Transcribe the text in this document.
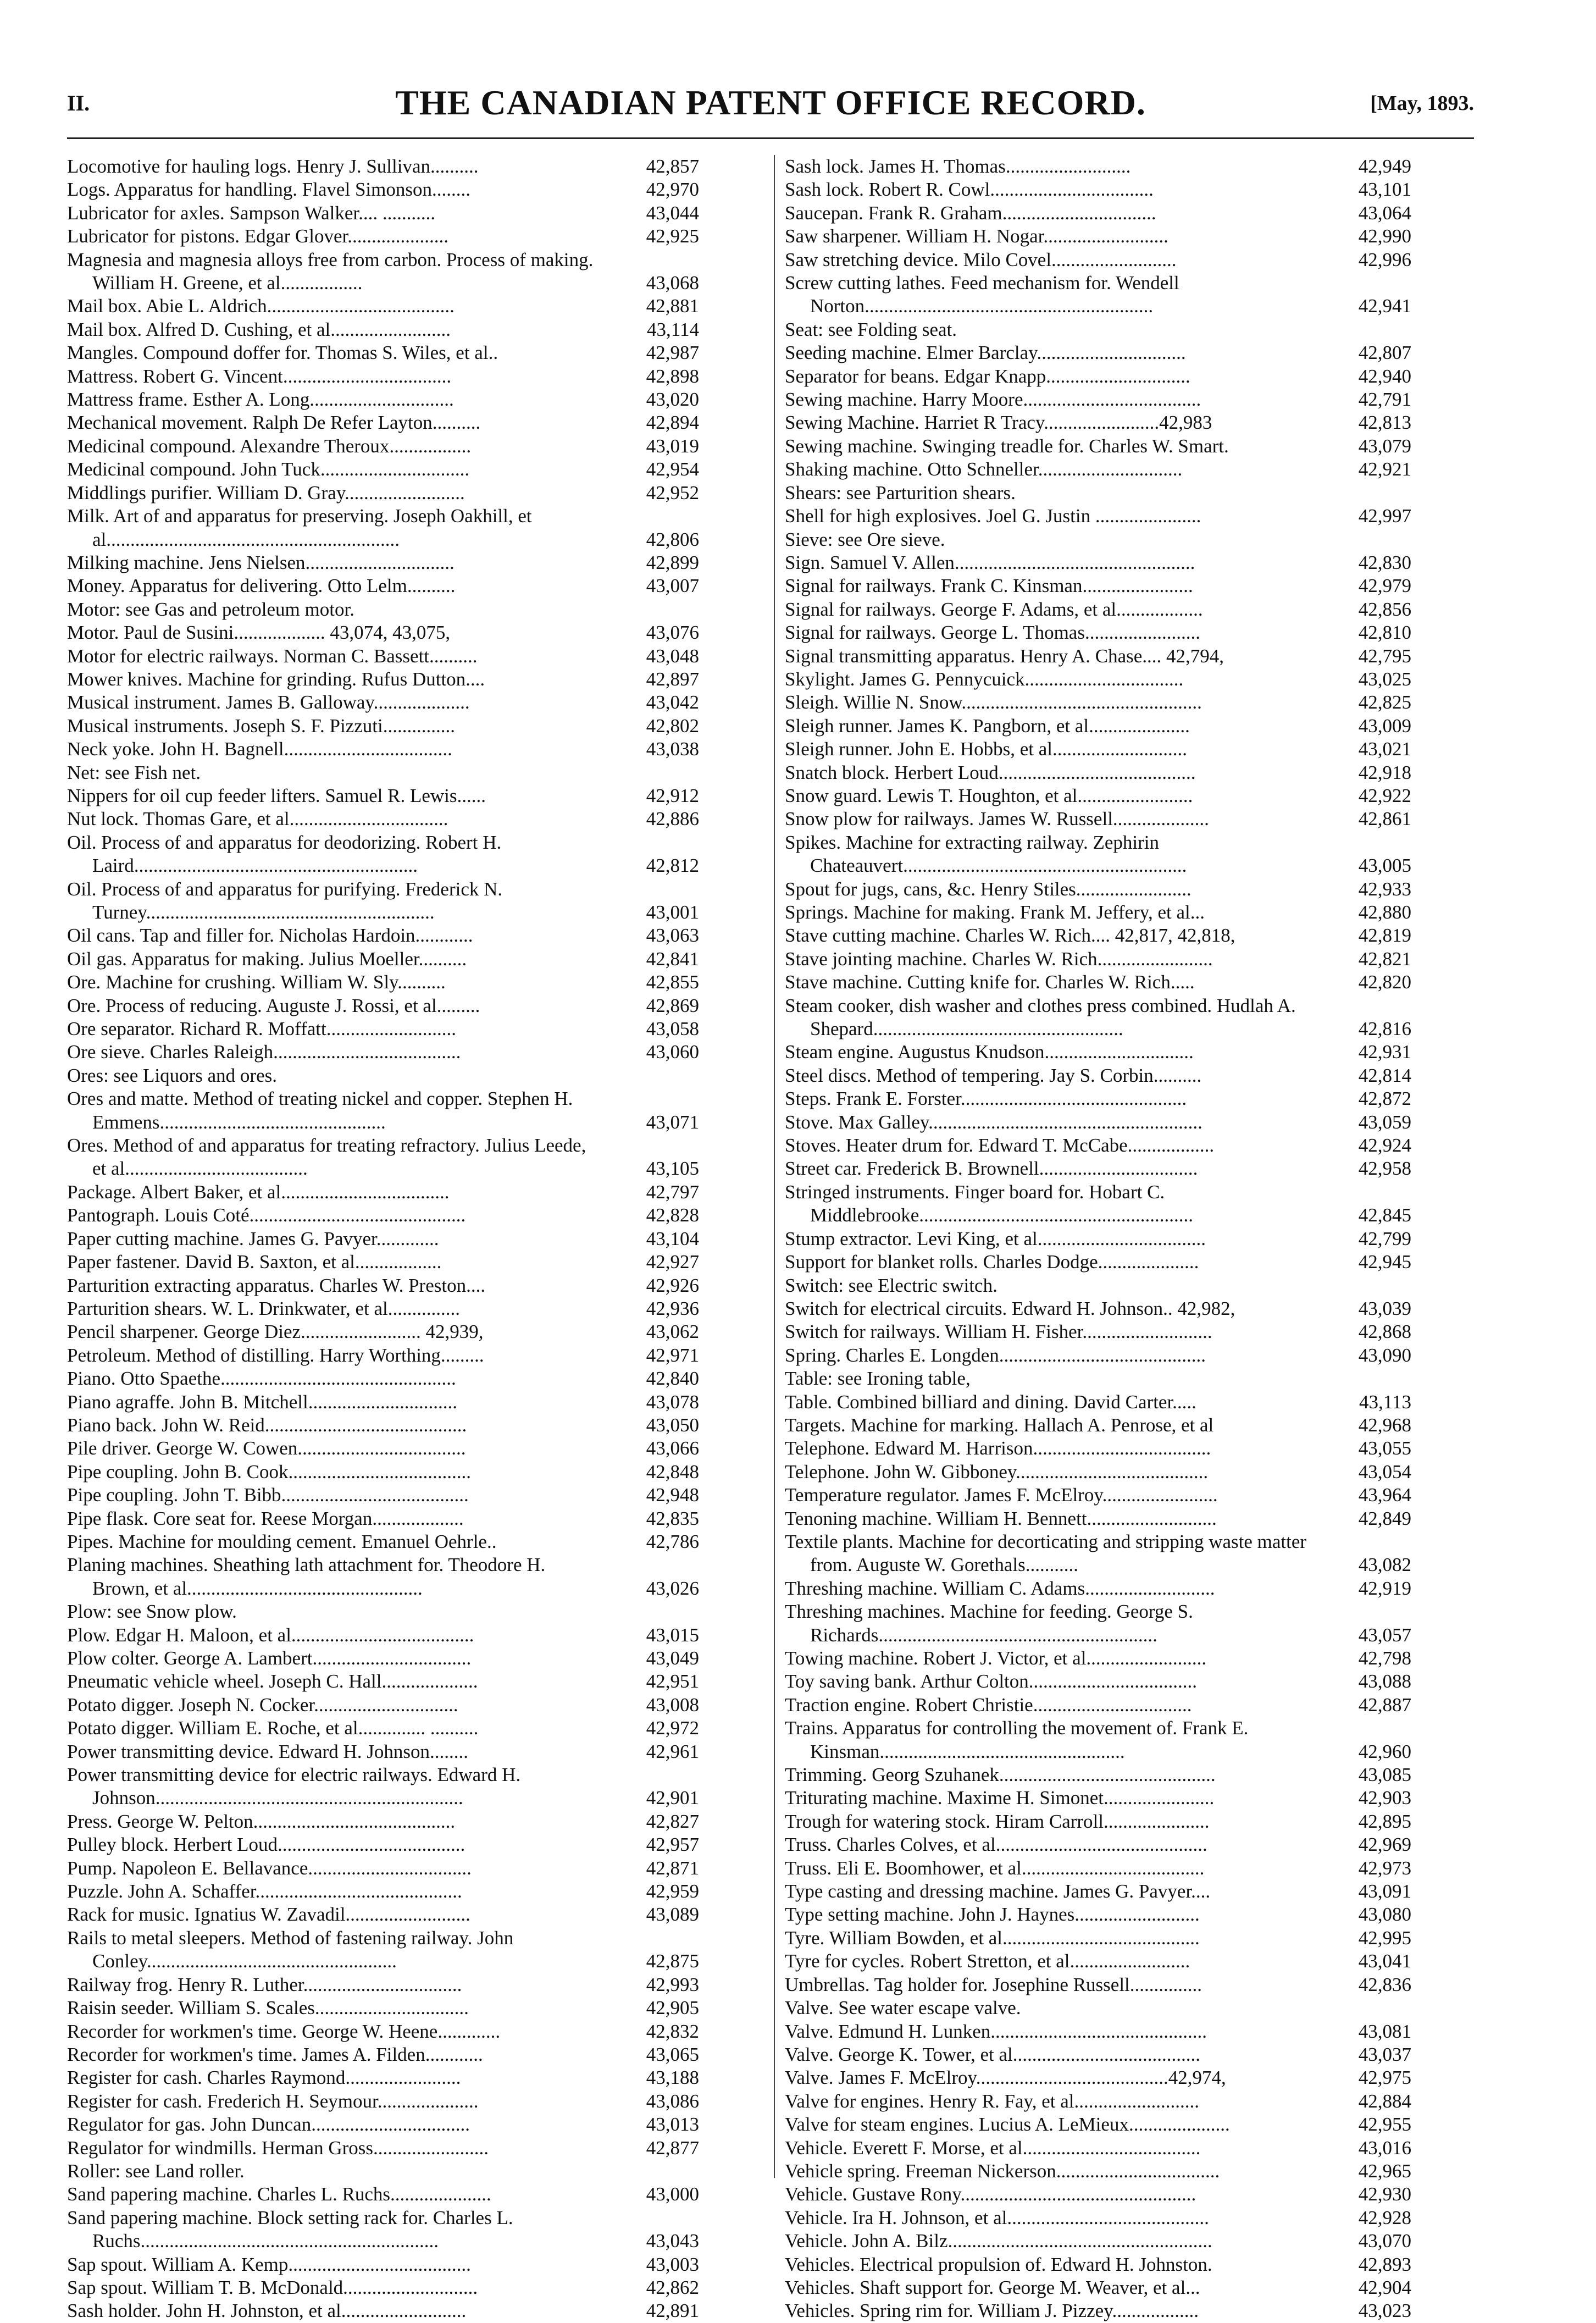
II.	THE CANADIAN PATENT OFFICE RECORD.	[May, 1893.
Locomotive for hauling logs. Henry J. Sullivan..........	42,857
Logs. Apparatus for handling. Flavel Simonson........	42,970
Lubricator for axles. Sampson Walker.... ...........	43,044
Lubricator for pistons. Edgar Glover.....................	42,925
Magnesia and magnesia alloys free from carbon. Process of making. William H. Greene, et al.................	43,068
Mail box. Abie L. Aldrich.......................................	42,881
Mail box. Alfred D. Cushing, et al.........................	43,114
Mangles. Compound doffer for. Thomas S. Wiles, et al..	42,987
Mattress. Robert G. Vincent...................................	42,898
Mattress frame. Esther A. Long..............................	43,020
Mechanical movement. Ralph De Refer Layton..........	42,894
Medicinal compound. Alexandre Theroux.................	43,019
Medicinal compound. John Tuck...............................	42,954
Middlings purifier. William D. Gray.........................	42,952
Milk. Art of and apparatus for preserving. Joseph Oakhill, et al.............................................................	42,806
Milking machine. Jens Nielsen...............................	42,899
Money. Apparatus for delivering. Otto Lelm..........	43,007
Motor: see Gas and petroleum motor.
Motor. Paul de Susini................... 43,074, 43,075,	43,076
Motor for electric railways. Norman C. Bassett..........	43,048
Mower knives. Machine for grinding. Rufus Dutton....	42,897
Musical instrument. James B. Galloway....................	43,042
Musical instruments. Joseph S. F. Pizzuti...............	42,802
Neck yoke. John H. Bagnell...................................	43,038
Net: see Fish net.
Nippers for oil cup feeder lifters. Samuel R. Lewis......	42,912
Nut lock. Thomas Gare, et al.................................	42,886
Oil. Process of and apparatus for deodorizing. Robert H. Laird...........................................................	42,812
Oil. Process of and apparatus for purifying. Frederick N. Turney............................................................	43,001
Oil cans. Tap and filler for. Nicholas Hardoin............	43,063
Oil gas. Apparatus for making. Julius Moeller..........	42,841
Ore. Machine for crushing. William W. Sly..........	42,855
Ore. Process of reducing. Auguste J. Rossi, et al.........	42,869
Ore separator. Richard R. Moffatt...........................	43,058
Ore sieve. Charles Raleigh.......................................	43,060
Ores: see Liquors and ores.
Ores and matte. Method of treating nickel and copper. Stephen H. Emmens...............................................	43,071
Ores. Method of and apparatus for treating refractory. Julius Leede, et al......................................	43,105
Package. Albert Baker, et al...................................	42,797
Pantograph. Louis Coté.............................................	42,828
Paper cutting machine. James G. Pavyer.............	43,104
Paper fastener. David B. Saxton, et al..................	42,927
Parturition extracting apparatus. Charles W. Preston....	42,926
Parturition shears. W. L. Drinkwater, et al...............	42,936
Pencil sharpener. George Diez......................... 42,939,	43,062
Petroleum. Method of distilling. Harry Worthing.........	42,971
Piano. Otto Spaethe.................................................	42,840
Piano agraffe. John B. Mitchell...............................	43,078
Piano back. John W. Reid..........................................	43,050
Pile driver. George W. Cowen...................................	43,066
Pipe coupling. John B. Cook......................................	42,848
Pipe coupling. John T. Bibb.......................................	42,948
Pipe flask. Core seat for. Reese Morgan...................	42,835
Pipes. Machine for moulding cement. Emanuel Oehrle..	42,786
Planing machines. Sheathing lath attachment for. Theodore H. Brown, et al.................................................	43,026
Plow: see Snow plow.
Plow. Edgar H. Maloon, et al......................................	43,015
Plow colter. George A. Lambert.................................	43,049
Pneumatic vehicle wheel. Joseph C. Hall....................	42,951
Potato digger. Joseph N. Cocker..............................	43,008
Potato digger. William E. Roche, et al.............. ..........	42,972
Power transmitting device. Edward H. Johnson........	42,961
Power transmitting device for electric railways. Edward H. Johnson................................................................	42,901
Press. George W. Pelton..........................................	42,827
Pulley block. Herbert Loud.......................................	42,957
Pump. Napoleon E. Bellavance..................................	42,871
Puzzle. John A. Schaffer...........................................	42,959
Rack for music. Ignatius W. Zavadil..........................	43,089
Rails to metal sleepers. Method of fastening railway. John Conley....................................................	42,875
Railway frog. Henry R. Luther.................................	42,993
Raisin seeder. William S. Scales................................	42,905
Recorder for workmen's time. George W. Heene.............	42,832
Recorder for workmen's time. James A. Filden............	43,065
Register for cash. Charles Raymond........................	43,188
Register for cash. Frederich H. Seymour.....................	43,086
Regulator for gas. John Duncan.................................	43,013
Regulator for windmills. Herman Gross........................	42,877
Roller: see Land roller.
Sand papering machine. Charles L. Ruchs.....................	43,000
Sand papering machine. Block setting rack for. Charles L. Ruchs..............................................................	43,043
Sap spout. William A. Kemp......................................	43,003
Sap spout. William T. B. McDonald............................	42,862
Sash holder. John H. Johnston, et al..........................	42,891
Sash lock. James H. Thomas..........................	42,949
Sash lock. Robert R. Cowl..................................	43,101
Saucepan. Frank R. Graham................................	43,064
Saw sharpener. William H. Nogar..........................	42,990
Saw stretching device. Milo Covel..........................	42,996
Screw cutting lathes. Feed mechanism for. Wendell Norton............................................................	42,941
Seat: see Folding seat.
Seeding machine. Elmer Barclay...............................	42,807
Separator for beans. Edgar Knapp..............................	42,940
Sewing machine. Harry Moore.....................................	42,791
Sewing Machine. Harriet R Tracy........................42,983	42,813
Sewing machine. Swinging treadle for. Charles W. Smart.	43,079
Shaking machine. Otto Schneller..............................	42,921
Shears: see Parturition shears.
Shell for high explosives. Joel G. Justin ......................	42,997
Sieve: see Ore sieve.
Sign. Samuel V. Allen..................................................	42,830
Signal for railways. Frank C. Kinsman.......................	42,979
Signal for railways. George F. Adams, et al..................	42,856
Signal for railways. George L. Thomas........................	42,810
Signal transmitting apparatus. Henry A. Chase.... 42,794,	42,795
Skylight. James G. Pennycuick.................................	43,025
Sleigh. Willie N. Snow..................................................	42,825
Sleigh runner. James K. Pangborn, et al.....................	43,009
Sleigh runner. John E. Hobbs, et al............................	43,021
Snatch block. Herbert Loud.........................................	42,918
Snow guard. Lewis T. Houghton, et al........................	42,922
Snow plow for railways. James W. Russell....................	42,861
Spikes. Machine for extracting railway. Zephirin Chateauvert...........................................................	43,005
Spout for jugs, cans, &c. Henry Stiles........................	42,933
Springs. Machine for making. Frank M. Jeffery, et al...	42,880
Stave cutting machine. Charles W. Rich.... 42,817, 42,818,	42,819
Stave jointing machine. Charles W. Rich........................	42,821
Stave machine. Cutting knife for. Charles W. Rich.....	42,820
Steam cooker, dish washer and clothes press combined. Hudlah A. Shepard....................................................	42,816
Steam engine. Augustus Knudson...............................	42,931
Steel discs. Method of tempering. Jay S. Corbin..........	42,814
Steps. Frank E. Forster...............................................	42,872
Stove. Max Galley.........................................................	43,059
Stoves. Heater drum for. Edward T. McCabe..................	42,924
Street car. Frederick B. Brownell.................................	42,958
Stringed instruments. Finger board for. Hobart C. Middlebrooke.........................................................	42,845
Stump extractor. Levi King, et al...................................	42,799
Support for blanket rolls. Charles Dodge.....................	42,945
Switch: see Electric switch.
Switch for electrical circuits. Edward H. Johnson.. 42,982,	43,039
Switch for railways. William H. Fisher...........................	42,868
Spring. Charles E. Longden...........................................	43,090
Table: see Ironing table,
Table. Combined billiard and dining. David Carter.....	43,113
Targets. Machine for marking. Hallach A. Penrose, et al	42,968
Telephone. Edward M. Harrison.....................................	43,055
Telephone. John W. Gibboney........................................	43,054
Temperature regulator. James F. McElroy........................	43,964
Tenoning machine. William H. Bennett...........................	42,849
Textile plants. Machine for decorticating and stripping waste matter from. Auguste W. Gorethals...........	43,082
Threshing machine. William C. Adams...........................	42,919
Threshing machines. Machine for feeding. George S. Richards..........................................................	43,057
Towing machine. Robert J. Victor, et al.........................	42,798
Toy saving bank. Arthur Colton...................................	43,088
Traction engine. Robert Christie.................................	42,887
Trains. Apparatus for controlling the movement of. Frank E. Kinsman...................................................	42,960
Trimming. Georg Szuhanek.............................................	43,085
Triturating machine. Maxime H. Simonet.......................	42,903
Trough for watering stock. Hiram Carroll......................	42,895
Truss. Charles Colves, et al............................................	42,969
Truss. Eli E. Boomhower, et al......................................	42,973
Type casting and dressing machine. James G. Pavyer....	43,091
Type setting machine. John J. Haynes..........................	43,080
Tyre. William Bowden, et al.........................................	42,995
Tyre for cycles. Robert Stretton, et al.........................	43,041
Umbrellas. Tag holder for. Josephine Russell...............	42,836
Valve. See water escape valve.
Valve. Edmund H. Lunken.............................................	43,081
Valve. George K. Tower, et al.......................................	43,037
Valve. James F. McElroy........................................42,974,	42,975
Valve for engines. Henry R. Fay, et al..........................	42,884
Valve for steam engines. Lucius A. LeMieux.....................	42,955
Vehicle. Everett F. Morse, et al.....................................	43,016
Vehicle spring. Freeman Nickerson..................................	42,965
Vehicle. Gustave Rony.................................................	42,930
Vehicle. Ira H. Johnson, et al..........................................	42,928
Vehicle. John A. Bilz.......................................................	43,070
Vehicles. Electrical propulsion of. Edward H. Johnston.	42,893
Vehicles. Shaft support for. George M. Weaver, et al...	42,904
Vehicles. Spring rim for. William J. Pizzey..................	43,023
